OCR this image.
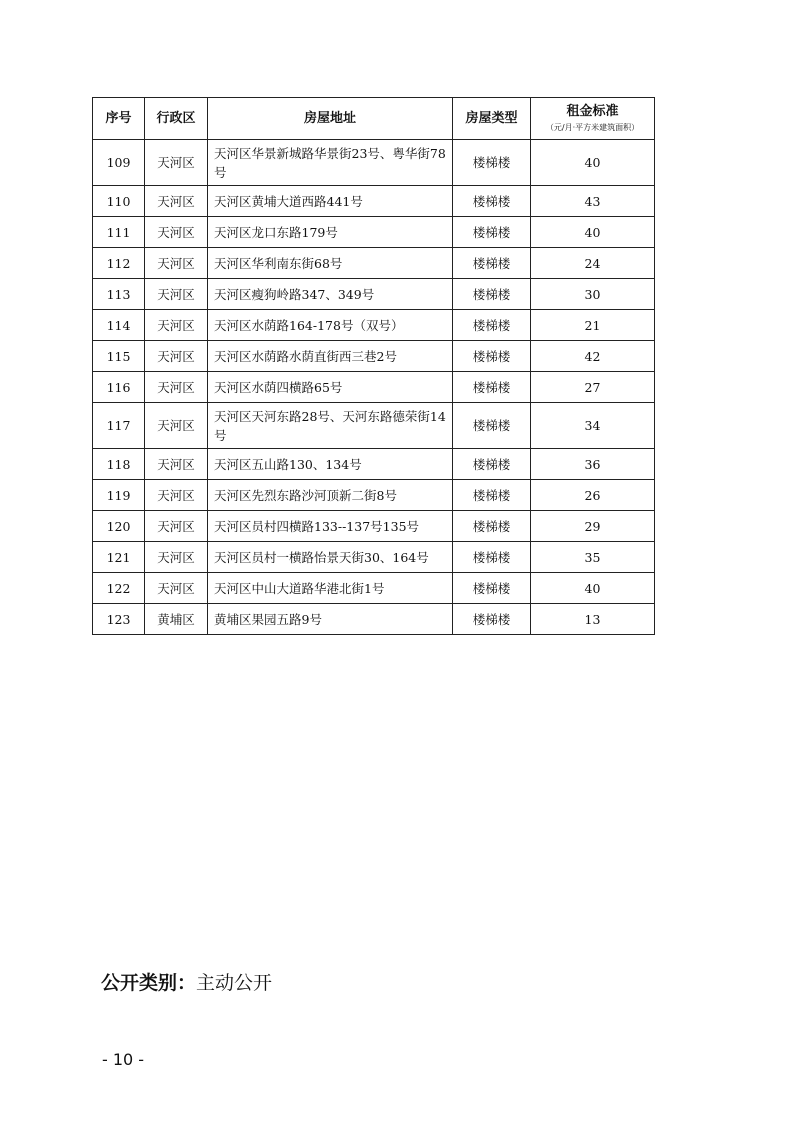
序号	行政区	房屋地址	房屋类型	租金标准
（元/月·平方米建筑面积）

109	天河区	天河区华景新城路华景街23号、粤华街78号	楼梯楼	40
110	天河区	天河区黄埔大道西路441号	楼梯楼	43
111	天河区	天河区龙口东路179号	楼梯楼	40
112	天河区	天河区华利南东街68号	楼梯楼	24
113	天河区	天河区瘦狗岭路347、349号	楼梯楼	30
114	天河区	天河区水荫路164-178号（双号）	楼梯楼	21
115	天河区	天河区水荫路水荫直街西三巷2号	楼梯楼	42
116	天河区	天河区水荫四横路65号	楼梯楼	27
117	天河区	天河区天河东路28号、天河东路德荣街14号	楼梯楼	34
118	天河区	天河区五山路130、134号	楼梯楼	36
119	天河区	天河区先烈东路沙河顶新二街8号	楼梯楼	26
120	天河区	天河区员村四横路133--137号135号	楼梯楼	29
121	天河区	天河区员村一横路怡景天街30、164号	楼梯楼	35
122	天河区	天河区中山大道路华港北街1号	楼梯楼	40
123	黄埔区	黄埔区果园五路9号	楼梯楼	13
公开类别：主动公开
- 10 -
